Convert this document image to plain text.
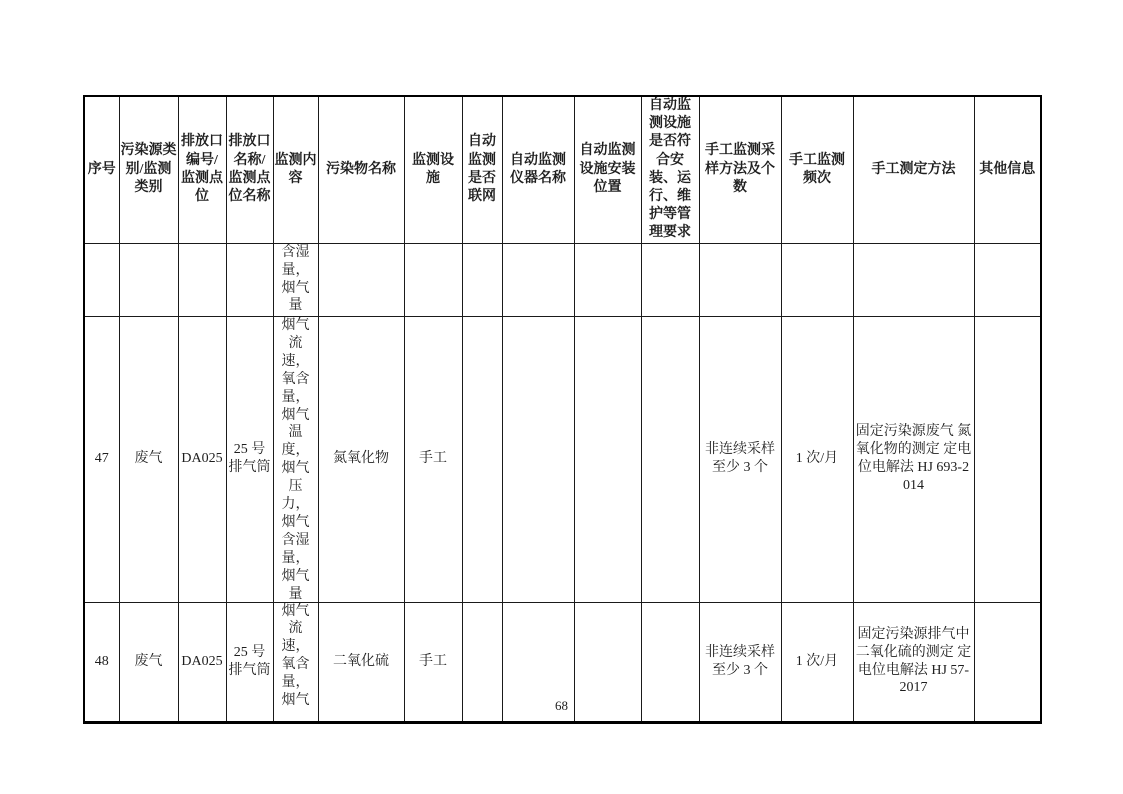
序号	污染源类别/监测类别	排放口编号/监测点位	排放口名称/监测点位名称	监测内容	污染物名称	监测设施	自动监测是否联网	自动监测仪器名称	自动监测设施安装位置	自动监测设施是否符合安装、运行、维护等管理要求	手工监测采样方法及个数	手工监测频次	手工测定方法	其他信息
				含湿量，烟气量										
47	废气	DA025	25 号排气筒	烟气流速，氧含量，烟气温度，烟气压力，烟气含湿量，烟气量	氮氧化物	手工					非连续采样至少 3 个	1 次/月	固定污染源废气 氮氧化物的测定 定电位电解法 HJ 693-2014	
48	废气	DA025	25 号排气筒	烟气流速，氧含量，烟气	二氧化硫	手工					非连续采样至少 3 个	1 次/月	固定污染源排气中二氧化硫的测定 定电位电解法 HJ 57-2017	
68
